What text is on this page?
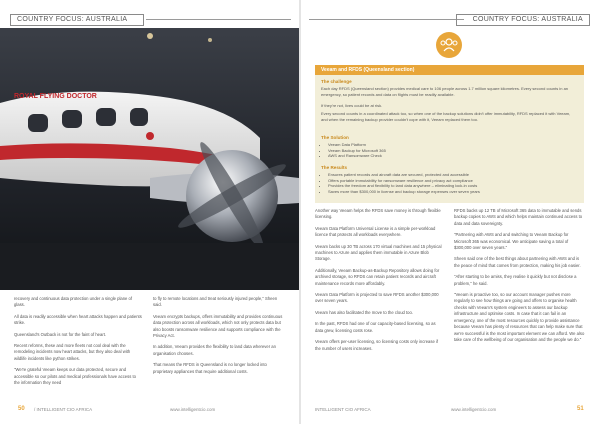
COUNTRY FOCUS: AUSTRALIA
ROYAL FLYING DOCTOR

recovery and continuous data protection under a single plane of glass.

All data is readily accessible when heart attacks happen and patients strike.

Queensland's Outback is not for the faint of heart.

Recent reforms, these and more fleets not cool deal with the remodeling incidents now heart attacks, but they also deal with wildlife incidents like python strikes.

"We're grateful Veeam keeps our data protected, secure and accessible so our pilots and medical professionals have access to the information they need

to fly to remote locations and treat seriously injured people," Sheen said.

Veeam encrypts backups, offers immutability and provides continuous data protection across all workloads, which not only protects data but also boosts ransomware resilience and supports compliance with the Privacy Act.

In addition, Veeam provides the flexibility to land data wherever an organisation chooses.

That means the RFDS in Queensland is no longer locked into proprietary appliances that require additional costs.

50 / INTELLIGENT CIO AFRICA	www.intelligentcio.com
COUNTRY FOCUS: AUSTRALIA
Veeam and RFDS (Queensland section)
The challenge
Each day RFDS (Queensland section) provides medical care to 106 people across 1.7 million square kilometres. Every second counts in an emergency, so patient records and data on flights must be readily available.
If they're not, lives could be at risk.
Every second counts in a coordinated attack too, so when one of the backup solutions didn't offer immutability, RFDS replaced it with Veeam, and when the remaining backup provider couldn't cope with it, Veeam replaced them too.
The Solution
• Veeam Data Platform
• Veeam Backup for Microsoft 365
• AWS and Ransomware Check
The Results
• Ensures patient records and aircraft data are secured, protected and accessible
• Offers portable immutability for ransomware resilience and privacy act compliance
• Provides the freedom and flexibility to land data anywhere – eliminating lock-in costs
• Saves more than $300,000 in license and backup storage expenses over seven years

Another way Veeam helps the RFDS save money is through flexible licensing.

Veeam Data Platform Universal License is a simple per-workload licence that protects all workloads everywhere.

Veeam backs up 30 TB across 170 virtual machines and 15 physical machines to Azure and applies them immutable in Azure Blob Storage.

Additionally, Veeam Backup-as-Backup Repository allows doing for archived storage, so RFDS can retain patient records and aircraft maintenance records more affordably.

Veeam Data Platform is projected to save RFDS another $300,000 over seven years.

Veeam has also facilitated the move to the cloud too.

In the past, RFDS had one of our capacity-based licensing, so as data grew, licensing costs rose.

Veeam offers per-user licensing, so licensing costs only increase if the number of users increases.

RFDS backs up 12 TB of Microsoft 365 data to immutable and sends backup copies to AWS and which helps maintain continued access to data and data sovereignty.

"Partnering with AWS and and switching to Veeam Backup for Microsoft 365 was economical. We anticipate saving a total of $300,000 over seven years."

Sheen said one of the best things about partnering with AWS and is the peace of mind that comes from protection, making his job easier.

"After starting to be amiss, they realise it quickly but not disclose a problem," he said.

"Veeam is proactive too, so our account manager pushes more regularly to see how things are going and offers to organise health checks with Veeam's system engineers to assess our backup infrastructure and optimise costs. In case that it can fail in an emergency, one of the most resources quickly to provide assistance because Veeam has plenty of resources that can help make sure that we're successful is the most important element we can afford. We also take care of the wellbeing of our organisation and the people we do."

INTELLIGENT CIO AFRICA	www.intelligentcio.com	51
